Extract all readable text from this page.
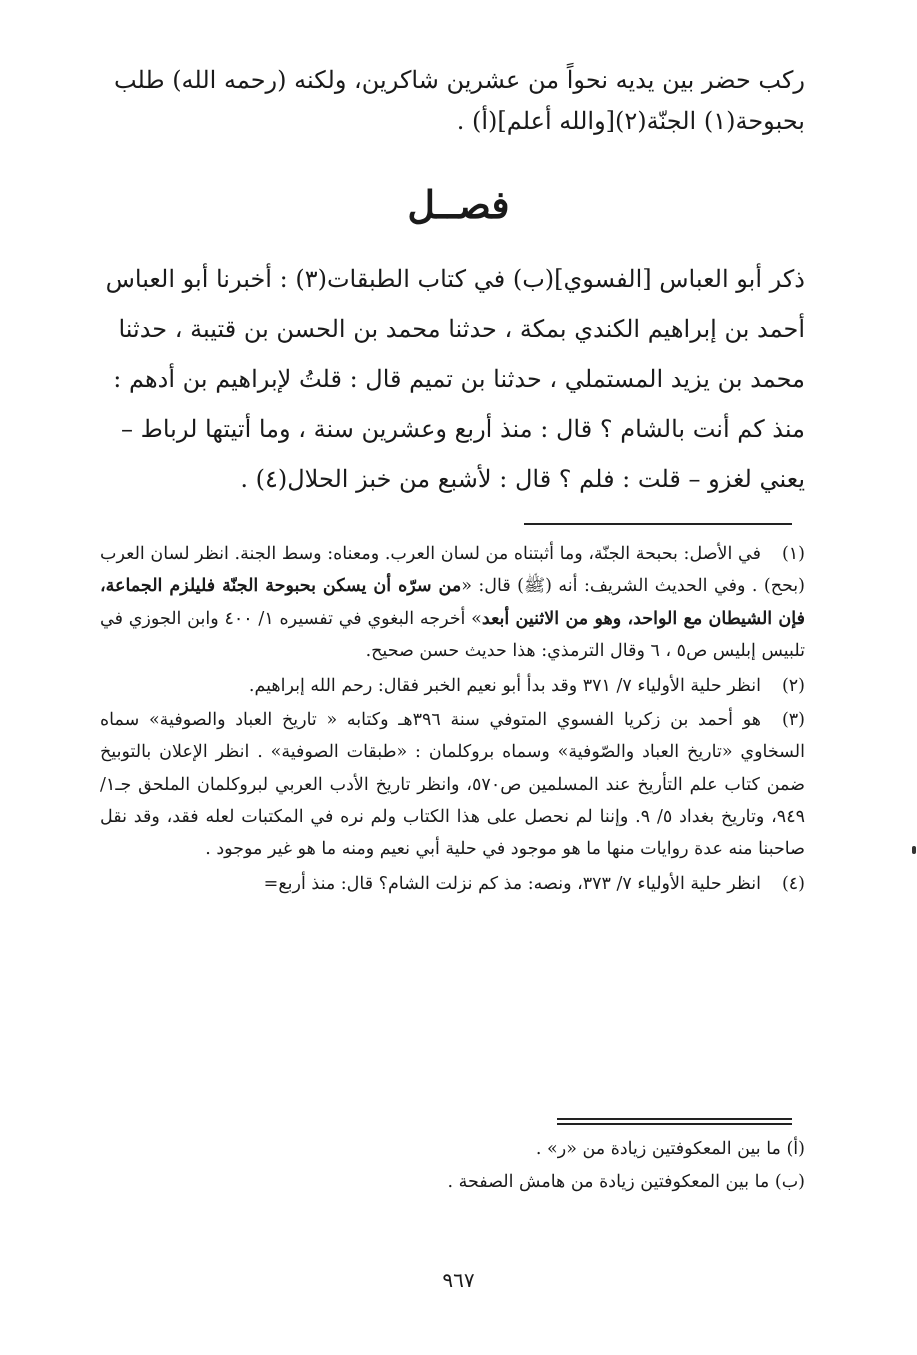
ركب حضر بين يديه نحواً من عشرين شاكرين، ولكنه (رحمه الله) طلب

بحبوحة(١) الجنّة(٢)[والله أعلم](أ) .

فصــل

ذكر أبو العباس [الفسوي](ب) في كتاب الطبقات(٣) : أخبرنا أبو العباس

أحمد بن إبراهيم الكندي بمكة ، حدثنا محمد بن الحسن بن قتيبة ، حدثنا

محمد بن يزيد المستملي ، حدثنا بن تميم قال : قلتُ لإبراهيم بن أدهم :

منذ كم أنت بالشام ؟ قال : منذ أربع وعشرين سنة ، وما أتيتها لرباط –

يعني لغزو – قلت : فلم ؟ قال : لأشبع من خبز الحلال(٤) .

(١)في الأصل: بحبحة الجنّة، وما أثبتناه من لسان العرب. ومعناه: وسط الجنة. انظر لسان العرب (بحح) . وفي الحديث الشريف: أنه (ﷺ) قال: «من سرّه أن يسكن بحبوحة الجنّة فليلزم الجماعة، فإن الشيطان مع الواحد، وهو من الاثنين أبعد» أخرجه البغوي في تفسيره ١/ ٤٠٠ وابن الجوزي في تلبيس إبليس ص٥ ، ٦ وقال الترمذي: هذا حديث حسن صحيح.

(٢)انظر حلية الأولياء ٧/ ٣٧١ وقد بدأ أبو نعيم الخبر فقال: رحم الله إبراهيم.

(٣)هو أحمد بن زكريا الفسوي المتوفي سنة ٣٩٦هـ وكتابه « تاريخ العباد والصوفية» سماه السخاوي «تاريخ العباد والصّوفية» وسماه بروكلمان : «طبقات الصوفية» . انظر الإعلان بالتوبيخ ضمن كتاب علم التأريخ عند المسلمين ص٥٧٠، وانظر تاريخ الأدب العربي لبروكلمان الملحق جـ١/ ٩٤٩، وتاريخ بغداد ٥/ ٩. وإننا لم نحصل على هذا الكتاب ولم نره في المكتبات لعله فقد، وقد نقل صاحبنا منه عدة روايات منها ما هو موجود في حلية أبي نعيم ومنه ما هو غير موجود .

(٤)انظر حلية الأولياء ٧/ ٣٧٣، ونصه: مذ كم نزلت الشام؟ قال: منذ أربع=

(أ) ما بين المعكوفتين زيادة من «ر» .

(ب) ما بين المعكوفتين زيادة من هامش الصفحة .

٩٦٧
